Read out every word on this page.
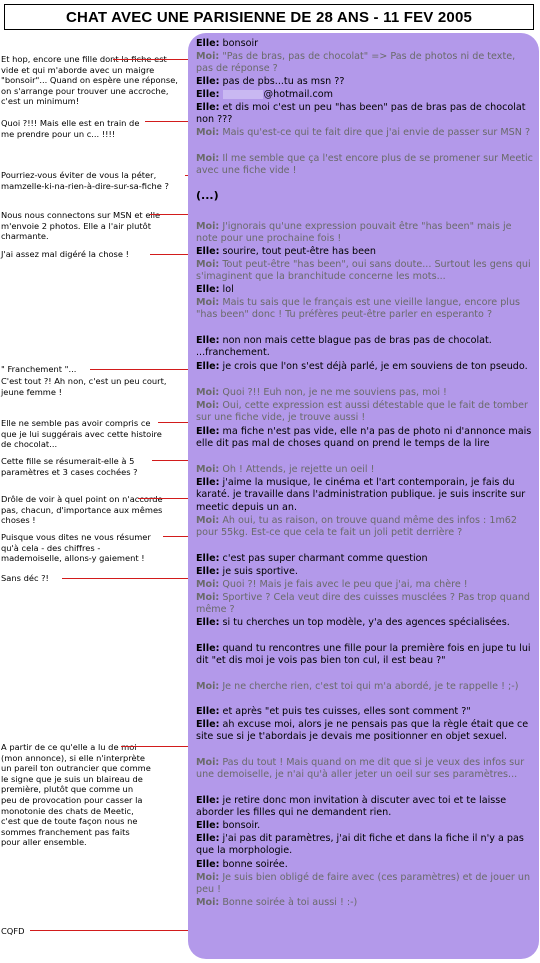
CHAT AVEC UNE PARISIENNE DE 28 ANS - 11 FEV 2005
Et hop, encore une fille dont la fiche est vide et qui m'aborde avec un maigre "bonsoir"... Quand on espère une réponse, on s'arrange pour trouver une accroche, c'est un minimum!
Quoi ?!!! Mais elle est en train de me prendre pour un c... !!!!
Pourriez-vous éviter de vous la péter, mamzelle-ki-na-rien-à-dire-sur-sa-fiche ?
Nous nous connectons sur MSN et elle m'envoie 2 photos. Elle a l'air plutôt charmante.
J'ai assez mal digéré la chose !
" Franchement "...
C'est tout ?! Ah non, c'est un peu court, jeune femme !
Elle ne semble pas avoir compris ce que je lui suggérais avec cette histoire de chocolat...
Cette fille se résumerait-elle à 5 paramètres et 3 cases cochées ?
Drôle de voir à quel point on n'accorde pas, chacun, d'importance aux mêmes choses !
Puisque vous dites ne vous résumer qu'à cela - des chiffres - mademoiselle, allons-y gaiement !
Sans déc ?!
A partir de ce qu'elle a lu de moi (mon annonce), si elle n'interprète un pareil ton outrancier que comme le signe que je suis un blaireau de première, plutôt que comme un peu de provocation pour casser la monotonie des chats de Meetic, c'est que de toute façon nous ne sommes franchement pas faits pour aller ensemble.
CQFD
Elle: bonsoir
Moi: "Pas de bras, pas de chocolat" => Pas de photos ni de texte, pas de réponse ?
Elle: pas de pbs...tu as msn ??
Elle:	@hotmail.com
Elle: et dis moi c'est un peu "has been" pas de bras pas de chocolat non ???
Moi: Mais qu'est-ce qui te fait dire que j'ai envie de passer sur MSN ?
Moi: Il me semble que ça l'est encore plus de se promener sur Meetic avec une fiche vide !
(...)
Moi: J'ignorais qu'une expression pouvait être "has been" mais je note pour une prochaine fois !
Elle: sourire, tout peut-être has been
Moi: Tout peut-être "has been", oui sans doute... Surtout les gens qui s'imaginent que la branchitude concerne les mots...
Elle: lol
Moi: Mais tu sais que le français est une vieille langue, encore plus "has been" donc ! Tu préfères peut-être parler en esperanto ?
Elle: non non mais cette blague pas de bras pas de chocolat. ...franchement.
Elle: je crois que l'on s'est déjà parlé, je em souviens de ton pseudo.
Moi: Quoi ?!! Euh non, je ne me souviens pas, moi !
Moi: Oui, cette expression est aussi détestable que le fait de tomber sur une fiche vide, je trouve aussi !
Elle: ma fiche n'est pas vide, elle n'a pas de photo ni d'annonce mais elle dit pas mal de choses quand on prend le temps de la lire
Moi: Oh ! Attends, je rejette un oeil !
Elle: j'aime la musique, le cinéma et l'art contemporain, je fais du karaté. je travaille dans l'administration publique. je suis inscrite sur meetic depuis un an.
Moi: Ah oui, tu as raison, on trouve quand même des infos : 1m62 pour 55kg. Est-ce que cela te fait un joli petit derrière ?
Elle: c'est pas super charmant comme question
Elle: je suis sportive.
Moi: Quoi ?! Mais je fais avec le peu que j'ai, ma chère !
Moi: Sportive ? Cela veut dire des cuisses musclées ? Pas trop quand même ?
Elle: si tu cherches un top modèle, y'a des agences spécialisées.
Elle: quand tu rencontres une fille pour la première fois en jupe tu lui dit "et dis moi je vois pas bien ton cul, il est beau ?"
Moi: Je ne cherche rien, c'est toi qui m'a abordé, je te rappelle ! ;-)
Elle: et après "et puis tes cuisses, elles sont comment ?"
Elle: ah excuse moi, alors je ne pensais pas que la règle était que ce site sue si je t'abordais je devais me positionner en objet sexuel.
Moi: Pas du tout ! Mais quand on me dit que si je veux des infos sur une demoiselle, je n'ai qu'à aller jeter un oeil sur ses paramètres...
Elle: je retire donc mon invitation à discuter avec toi et te laisse aborder les filles qui ne demandent rien.
Elle: bonsoir.
Elle: j'ai pas dit paramètres, j'ai dit fiche et dans la fiche il n'y a pas que la morphologie.
Elle: bonne soirée.
Moi: Je suis bien obligé de faire avec (ces paramètres) et de jouer un peu !
Moi: Bonne soirée à toi aussi ! :-)
